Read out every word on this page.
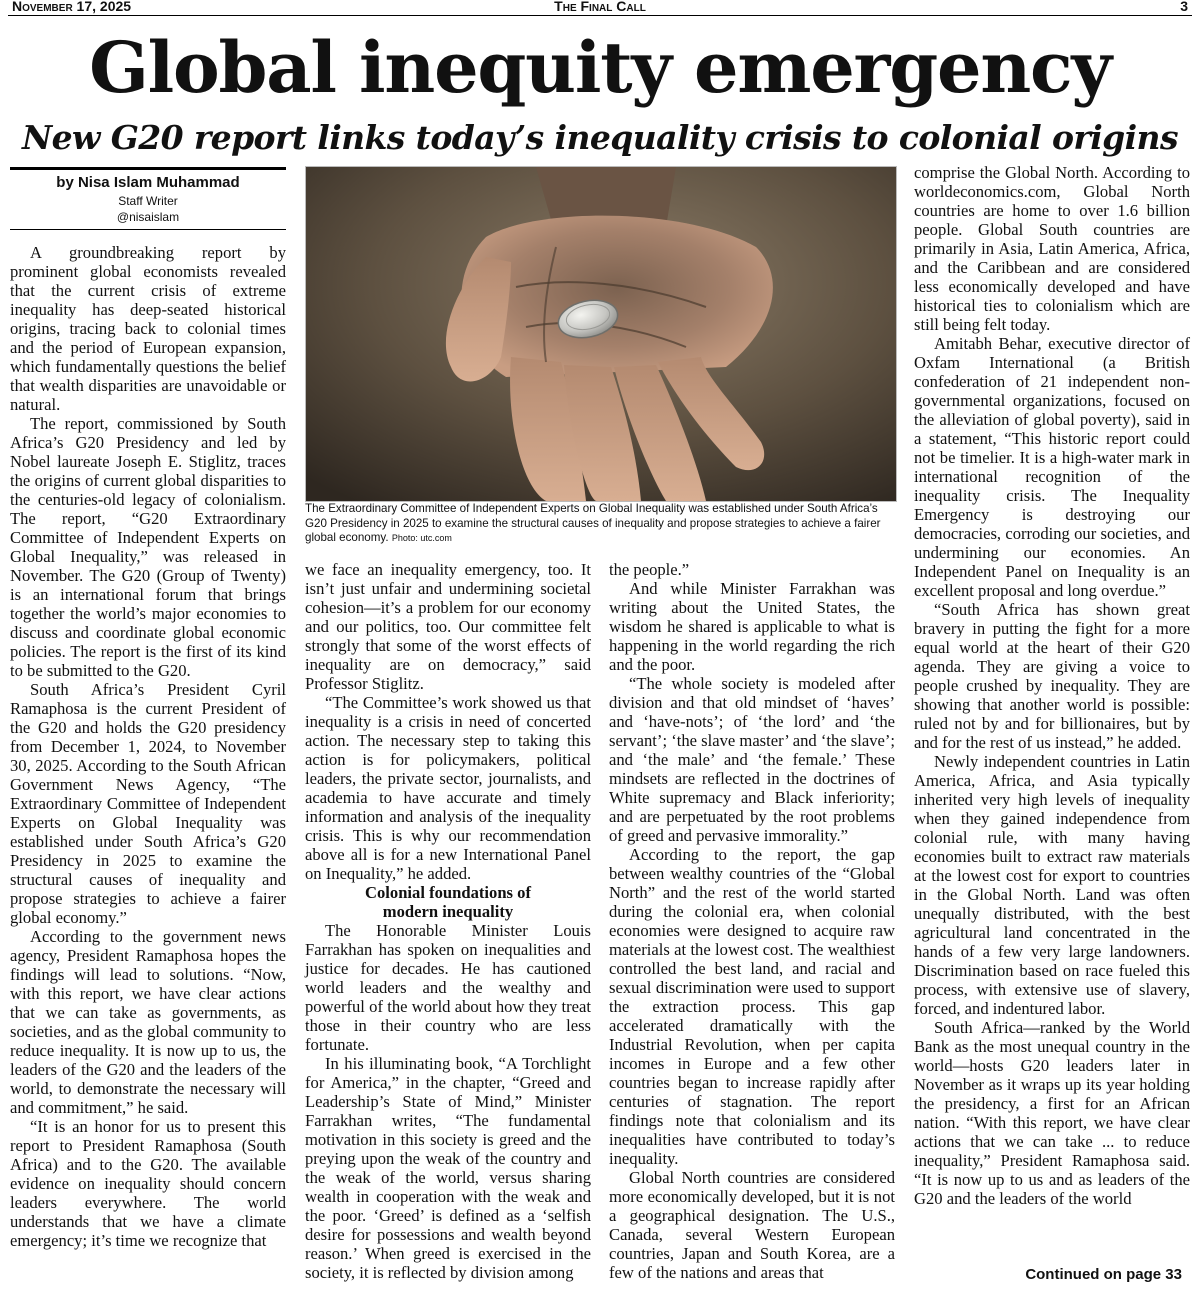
November 17, 2025	The Final Call	3
Global inequity emergency
New G20 report links today’s inequality crisis to colonial origins
by Nisa Islam Muhammad
Staff Writer
@nisaislam

A groundbreaking report by prominent global economists revealed that the current crisis of extreme inequality has deep-seated historical origins, tracing back to colonial times and the period of European expansion, which fundamentally questions the belief that wealth disparities are unavoidable or natural.

The report, commissioned by South Africa’s G20 Presidency and led by Nobel laureate Joseph E. Stiglitz, traces the origins of current global disparities to the centuries-old legacy of colonialism. The report, “G20 Extraordinary Committee of Independent Experts on Global Inequality,” was released in November. The G20 (Group of Twenty) is an international forum that brings together the world’s major economies to discuss and coordinate global economic policies. The report is the first of its kind to be submitted to the G20.

South Africa’s President Cyril Ramaphosa is the current President of the G20 and holds the G20 presidency from December 1, 2024, to November 30, 2025. According to the South African Government News Agency, “The Extraordinary Committee of Independent Experts on Global Inequality was established under South Africa’s G20 Presidency in 2025 to examine the structural causes of inequality and propose strategies to achieve a fairer global economy.”

According to the government news agency, President Ramaphosa hopes the findings will lead to solutions. “Now, with this report, we have clear actions that we can take as governments, as societies, and as the global community to reduce inequality. It is now up to us, the leaders of the G20 and the leaders of the world, to demonstrate the necessary will and commitment,” he said.

“It is an honor for us to present this report to President Ramaphosa (South Africa) and to the G20. The available evidence on inequality should concern leaders everywhere. The world understands that we have a climate emergency; it’s time we recognize that

The Extraordinary Committee of Independent Experts on Global Inequality was established under South Africa’s G20 Presidency in 2025 to examine the structural causes of inequality and propose strategies to achieve a fairer global economy. Photo: utc.com

we face an inequality emergency, too. It isn’t just unfair and undermining societal cohesion—it’s a problem for our economy and our politics, too. Our committee felt strongly that some of the worst effects of inequality are on democracy,” said Professor Stiglitz.

“The Committee’s work showed us that inequality is a crisis in need of concerted action. The necessary step to taking this action is for policymakers, political leaders, the private sector, journalists, and academia to have accurate and timely information and analysis of the inequality crisis. This is why our recommendation above all is for a new International Panel on Inequality,” he added.

Colonial foundations of
modern inequality

The Honorable Minister Louis Farrakhan has spoken on inequalities and justice for decades. He has cautioned world leaders and the wealthy and powerful of the world about how they treat those in their country who are less fortunate.

In his illuminating book, “A Torchlight for America,” in the chapter, “Greed and Leadership’s State of Mind,” Minister Farrakhan writes, “The fundamental motivation in this society is greed and the preying upon the weak of the country and the weak of the world, versus sharing wealth in cooperation with the weak and the poor. ‘Greed’ is defined as a ‘selfish desire for possessions and wealth beyond reason.’ When greed is exercised in the society, it is reflected by division among

the people.”

And while Minister Farrakhan was writing about the United States, the wisdom he shared is applicable to what is happening in the world regarding the rich and the poor.

“The whole society is modeled after division and that old mindset of ‘haves’ and ‘have-nots’; of ‘the lord’ and ‘the servant’; ‘the slave master’ and ‘the slave’; and ‘the male’ and ‘the female.’ These mindsets are reflected in the doctrines of White supremacy and Black inferiority; and are perpetuated by the root problems of greed and pervasive immorality.”

According to the report, the gap between wealthy countries of the “Global North” and the rest of the world started during the colonial era, when colonial economies were designed to acquire raw materials at the lowest cost. The wealthiest controlled the best land, and racial and sexual discrimination were used to support the extraction process. This gap accelerated dramatically with the Industrial Revolution, when per capita incomes in Europe and a few other countries began to increase rapidly after centuries of stagnation. The report findings note that colonialism and its inequalities have contributed to today’s inequality.

Global North countries are considered more economically developed, but it is not a geographical designation. The U.S., Canada, several Western European countries, Japan and South Korea, are a few of the nations and areas that

comprise the Global North. According to worldeconomics.com, Global North countries are home to over 1.6 billion people. Global South countries are primarily in Asia, Latin America, Africa, and the Caribbean and are considered less economically developed and have historical ties to colonialism which are still being felt today.

Amitabh Behar, executive director of Oxfam International (a British confederation of 21 independent non-governmental organizations, focused on the alleviation of global poverty), said in a statement, “This historic report could not be timelier. It is a high-water mark in international recognition of the inequality crisis. The Inequality Emergency is destroying our democracies, corroding our societies, and undermining our economies. An Independent Panel on Inequality is an excellent proposal and long overdue.”

“South Africa has shown great bravery in putting the fight for a more equal world at the heart of their G20 agenda. They are giving a voice to people crushed by inequality. They are showing that another world is possible: ruled not by and for billionaires, but by and for the rest of us instead,” he added.

Newly independent countries in Latin America, Africa, and Asia typically inherited very high levels of inequality when they gained independence from colonial rule, with many having economies built to extract raw materials at the lowest cost for export to countries in the Global North. Land was often unequally distributed, with the best agricultural land concentrated in the hands of a few very large landowners. Discrimination based on race fueled this process, with extensive use of slavery, forced, and indentured labor.

South Africa—ranked by the World Bank as the most unequal country in the world—hosts G20 leaders later in November as it wraps up its year holding the presidency, a first for an African nation. “With this report, we have clear actions that we can take ... to reduce inequality,” President Ramaphosa said. “It is now up to us and as leaders of the G20 and the leaders of the world

Continued on page 33
